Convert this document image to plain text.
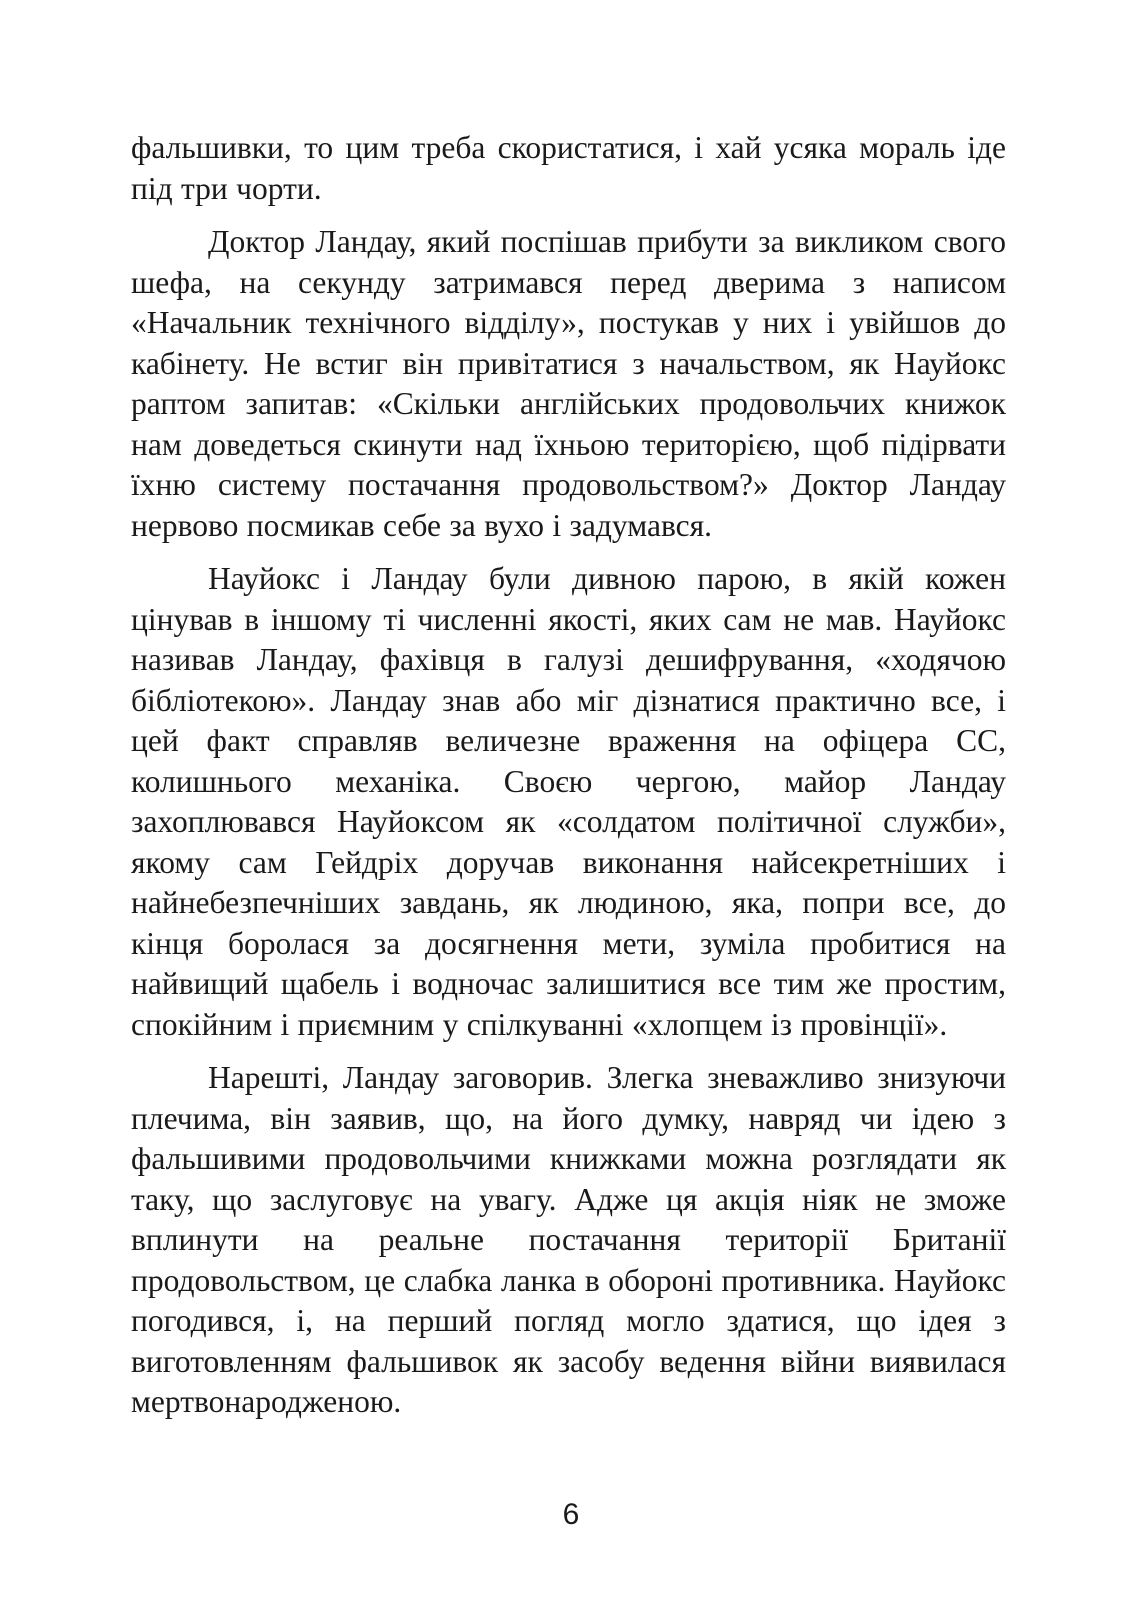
фальшивки, то цим треба скористатися, і хай усяка мораль іде під три чорти.

Доктор Ландау, який поспішав прибути за викликом свого шефа, на секунду затримався перед дверима з написом «Начальник технічного відділу», постукав у них і увійшов до кабінету. Не встиг він привітатися з начальством, як Науйокс раптом запитав: «Скільки англійських продовольчих книжок нам доведеться скинути над їхньою територією, щоб підірвати їхню систему постачання продовольством?» Доктор Ландау нервово посмикав себе за вухо і задумався.

Науйокс і Ландау були дивною парою, в якій кожен цінував в іншому ті численні якості, яких сам не мав. Науйокс називав Ландау, фахівця в галузі дешифрування, «ходячою бібліотекою». Ландау знав або міг дізнатися практично все, і цей факт справляв величезне враження на офіцера СС, колишнього механіка. Своєю чергою, майор Ландау захоплювався Науйоксом як «солдатом політичної служби», якому сам Гейдріх доручав виконання найсекретніших і найнебезпечніших завдань, як людиною, яка, попри все, до кінця боролася за досягнення мети, зуміла пробитися на найвищий щабель і водночас залишитися все тим же простим, спокійним і приємним у спілкуванні «хлопцем із провінції».

Нарешті, Ландау заговорив. Злегка зневажливо знизуючи плечима, він заявив, що, на його думку, навряд чи ідею з фальшивими продовольчими книжками можна розглядати як таку, що заслуговує на увагу. Адже ця акція ніяк не зможе вплинути на реальне постачання території Британії продовольством, це слабка ланка в обороні противника. Науйокс погодився, і, на перший погляд могло здатися, що ідея з виготовленням фальшивок як засобу ведення війни виявилася мертвонародженою.

6
